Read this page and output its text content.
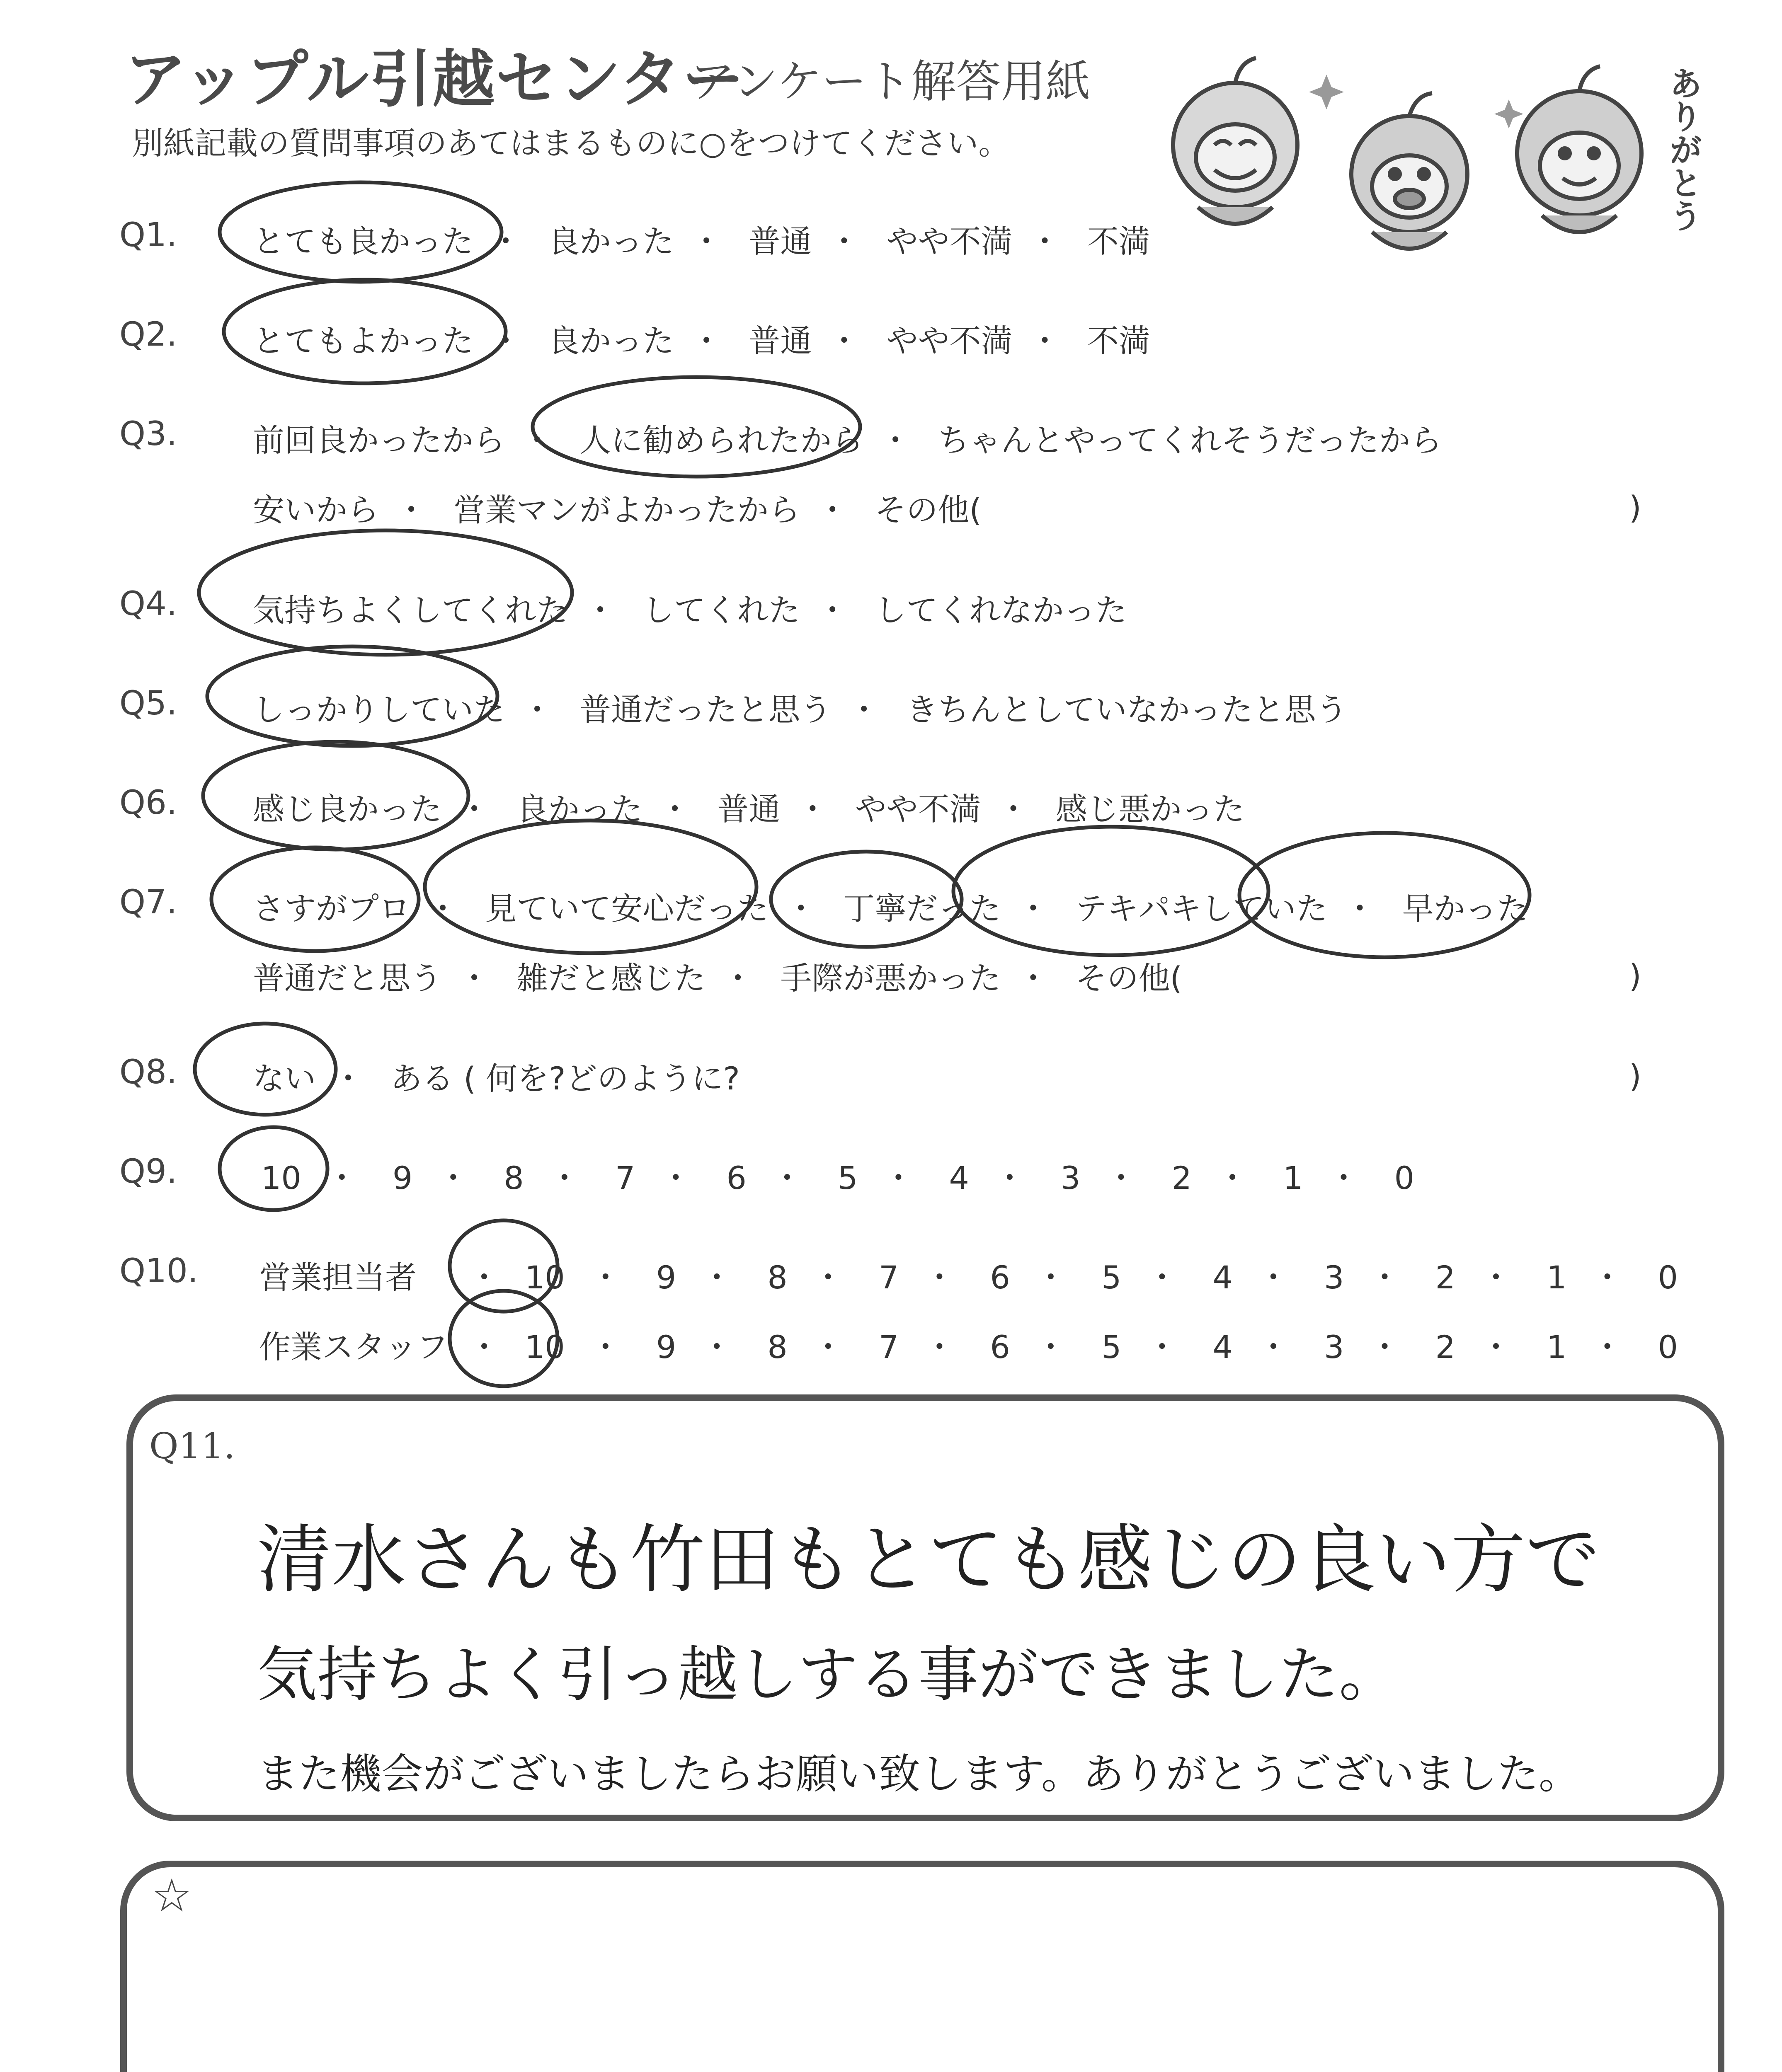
アップル引越センター
アンケート解答用紙
別紙記載の質問事項のあてはまるものに○をつけてください。	ありがとう
Q1. とても良かった ・ 良かった ・ 普通 ・ やや不満 ・ 不満
Q2. とてもよかった ・ 良かった ・ 普通 ・ やや不満 ・ 不満
Q3. 前回良かったから ・ 人に勧められたから ・ ちゃんとやってくれそうだったから
安いから ・ 営業マンがよかったから ・ その他(	)
Q4. 気持ちよくしてくれた ・ してくれた ・ してくれなかった
Q5. しっかりしていた ・ 普通だったと思う ・ きちんとしていなかったと思う
Q6. 感じ良かった ・ 良かった ・ 普通 ・ やや不満 ・ 感じ悪かった
Q7. さすがプロ ・ 見ていて安心だった ・ 丁寧だった ・ テキパキしていた ・ 早かった
普通だと思う ・ 雑だと感じた ・ 手際が悪かった ・ その他(	)
Q8. ない ・ ある ( 何を?どのように?	)
Q9.	10 ・ 9 ・ 8 ・ 7 ・ 6 ・ 5 ・ 4 ・ 3 ・ 2 ・ 1 ・ 0
Q10. 営業担当者 ・ 10 ・ 9 ・ 8 ・ 7 ・ 6 ・ 5 ・ 4 ・ 3 ・ 2 ・ 1 ・ 0
作業スタッフ ・ 10 ・ 9 ・ 8 ・ 7 ・ 6 ・ 5 ・ 4 ・ 3 ・ 2 ・ 1 ・ 0
Q11.
清水さんも竹田もとても感じの良い方で
気持ちよく引っ越しする事ができました。
また機会がございましたらお願い致します。ありがとうございました。
☆
